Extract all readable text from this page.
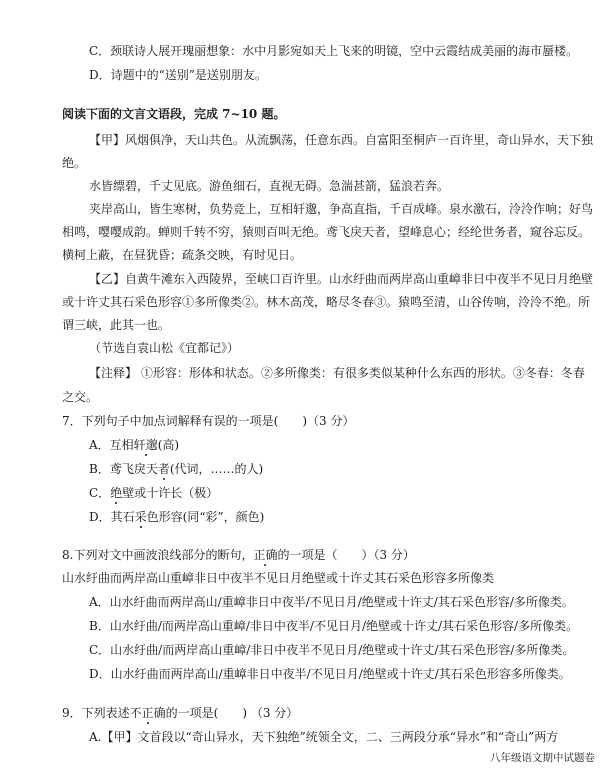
C．颈联诗人展开瑰丽想象：水中月影宛如天上飞来的明镜，空中云霞结成美丽的海市蜃楼。
D．诗题中的“送别”是送别朋友。
阅读下面的文言文语段，完成 7~10 题。
【甲】风烟俱净，天山共色。从流飘荡，任意东西。自富阳至桐庐一百许里，奇山异水，天下独
绝。
水皆缥碧，千丈见底。游鱼细石，直视无碍。急湍甚箭，猛浪若奔。
夹岸高山，皆生寒树，负势竞上，互相轩邈，争高直指，千百成峰。泉水激石，泠泠作响；好鸟
相鸣，嘤嘤成韵。蝉则千转不穷，猿则百叫无绝。鸢飞戾天者，望峰息心；经纶世务者，窥谷忘反。
横柯上蔽，在昼犹昏；疏条交映，有时见日。
【乙】自黄牛滩东入西陵界，至峡口百许里。山水纡曲而两岸高山重嶂非日中夜半不见日月绝壁
或十许丈其石采色形容①多所像类②。林木高茂，略尽冬春③。猿鸣至清，山谷传响，泠泠不绝。所
谓三峡，此其一也。
（节选自袁山松《宜都记》）
【注释】 ①形容：形体和状态。②多所像类：有很多类似某种什么东西的形状。③冬春：冬春
之交。
7．下列句子中加点词解释有误的一项是(　　)（3 分）
A．互相轩邈(高)
B．鸢飞戾天者(代词，……的人)
C．绝壁或十许长（极）
D．其石采色形容(同“彩”，颜色)
8.下列对文中画波浪线部分的断句，正确的一项是（　　）（3 分）
山水纡曲而两岸高山重嶂非日中夜半不见日月绝壁或十许丈其石采色形容多所像类
A．山水纡曲而两岸高山/重嶂非日中夜半/不见日月/绝壁或十许丈/其石采色形容/多所像类。
B．山水纡曲/而两岸高山重嶂/非日中夜半/不见日月/绝壁或十许丈/其石采色形容/多所像类。
C．山水纡曲/而两岸高山重嶂/非日中夜半不见日月/绝壁或十许丈/其石采色形容/多所像类。
D．山水纡曲而两岸高山/重嶂非日中夜半/不见日月/绝壁或十许丈/其石采色形容多所像类。
9．下列表述不正确的一项是(　　) （3 分）
A.【甲】文首段以“奇山异水，天下独绝”统领全文，二、三两段分承“异水”和“奇山”两方
八年级语文期中试题卷
